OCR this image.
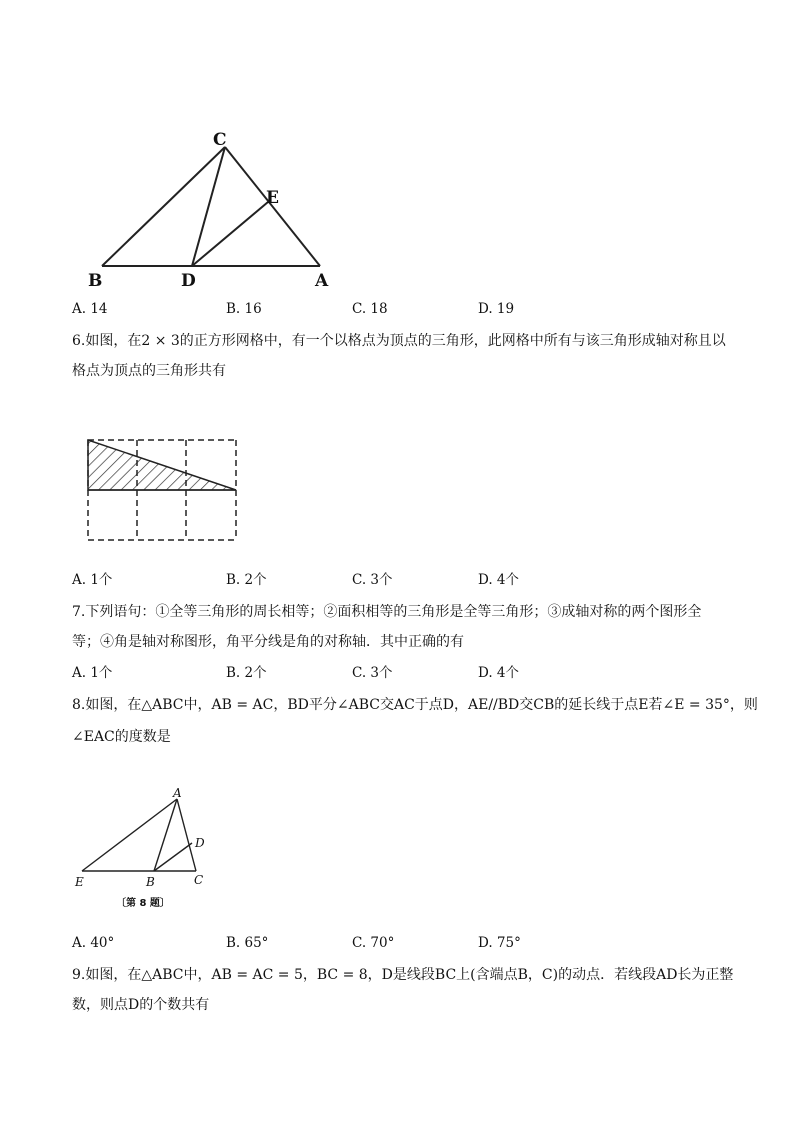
C
E
B	D	A
A. 14	B. 16	C. 18	D. 19
6.如图，在2 × 3的正方形网格中，有一个以格点为顶点的三角形，此网格中所有与该三角形成轴对称且以
格点为顶点的三角形共有
A. 1个	B. 2个	C. 3个	D. 4个
7.下列语句：①全等三角形的周长相等；②面积相等的三角形是全等三角形；③成轴对称的两个图形全
等；④角是轴对称图形，角平分线是角的对称轴．其中正确的有
A. 1个	B. 2个	C. 3个	D. 4个
8.如图，在△ABC中，AB = AC，BD平分∠ABC交AC于点D，AE//BD交CB的延长线于点E若∠E = 35°，则
∠EAC的度数是
A
D
E	B	C
〔第 8 题〕
A. 40°	B. 65°	C. 70°	D. 75°
9.如图，在△ABC中，AB = AC = 5，BC = 8，D是线段BC上(含端点B，C)的动点．若线段AD长为正整
数，则点D的个数共有
